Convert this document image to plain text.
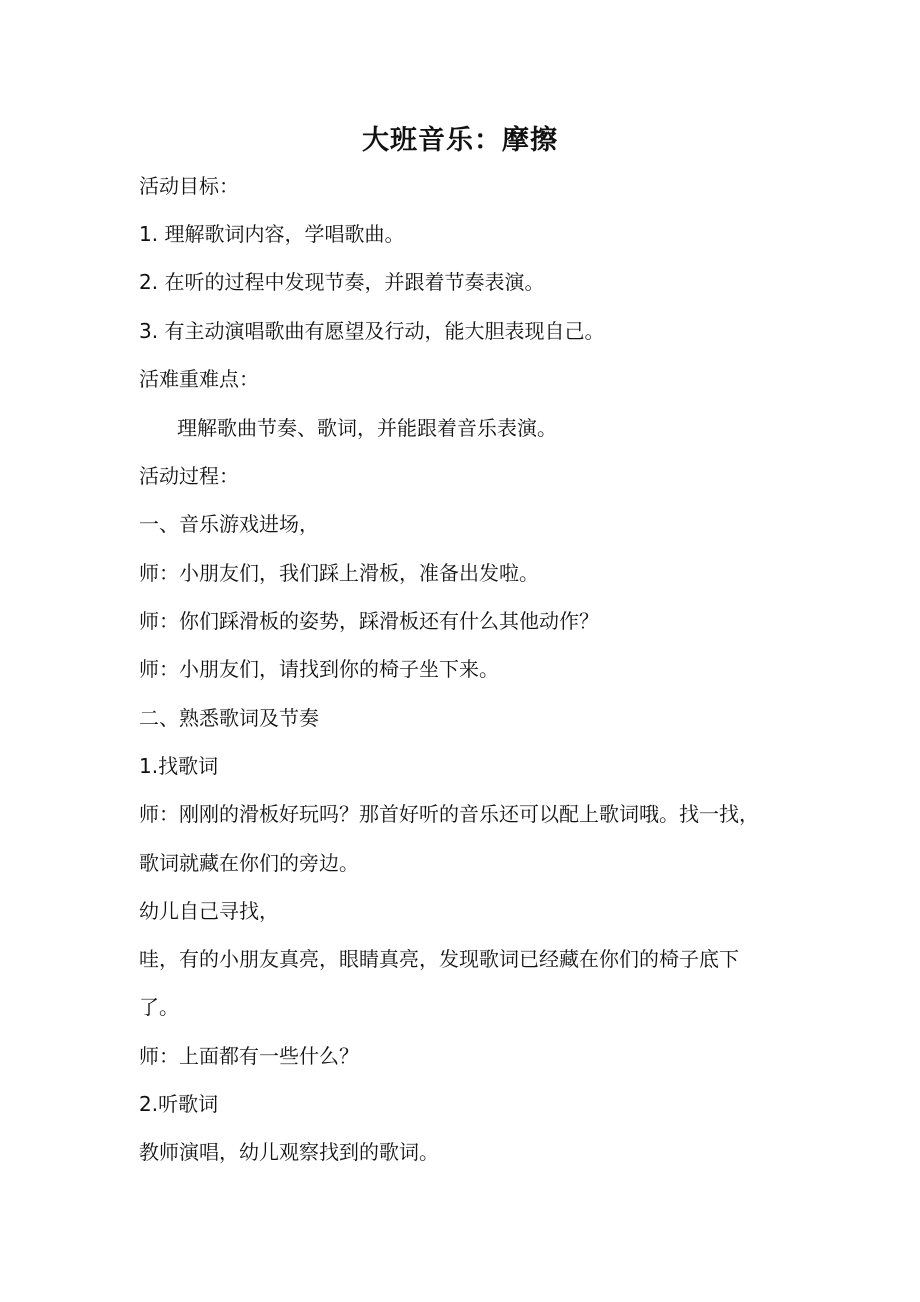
大班音乐：摩擦
活动目标：
1. 理解歌词内容，学唱歌曲。
2. 在听的过程中发现节奏，并跟着节奏表演。
3. 有主动演唱歌曲有愿望及行动，能大胆表现自己。
活难重难点：
理解歌曲节奏、歌词，并能跟着音乐表演。
活动过程：
一、音乐游戏进场，
师：小朋友们，我们踩上滑板，准备出发啦。
师：你们踩滑板的姿势，踩滑板还有什么其他动作？
师：小朋友们，请找到你的椅子坐下来。
二、熟悉歌词及节奏
1.找歌词
师：刚刚的滑板好玩吗？那首好听的音乐还可以配上歌词哦。找一找，
歌词就藏在你们的旁边。
幼儿自己寻找，
哇，有的小朋友真亮，眼睛真亮，发现歌词已经藏在你们的椅子底下
了。
师：上面都有一些什么？
2.听歌词
教师演唱，幼儿观察找到的歌词。
